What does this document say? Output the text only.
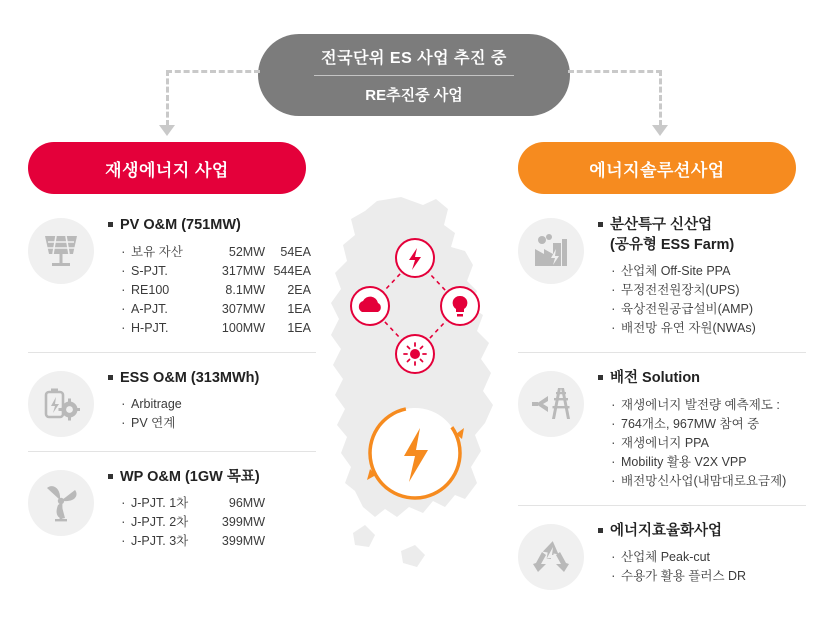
전국단위 ES 사업 추진 중
RE추진중 사업
재생에너지 사업	에너지솔루션사업
PV O&M (751MW)
· 보유 자산	52MW 54EA
· S-PJT.	317MW 544EA
· RE100	8.1MW 2EA
· A-PJT.	307MW 1EA
· H-PJT.	100MW 1EA
ESS O&M (313MWh)
· Arbitrage
· PV 연계
WP O&M (1GW 목표)
· J-PJT. 1차	96MW
· J-PJT. 2차	399MW
· J-PJT. 3차	399MW
분산특구 신산업
(공유형 ESS Farm)
· 산업체 Off-Site PPA
· 무정전전원장치(UPS)
· 육상전원공급설비(AMP)
· 배전망 유연 자원(NWAs)
배전 Solution
· 재생에너지 발전량 예측제도 :
· 764개소, 967MW 참여 중
· 재생에너지 PPA
· Mobility 활용 V2X VPP
· 배전망신사업(내맘대로요금제)
에너지효율화사업
· 산업체 Peak-cut
· 수용가 활용 플러스 DR
